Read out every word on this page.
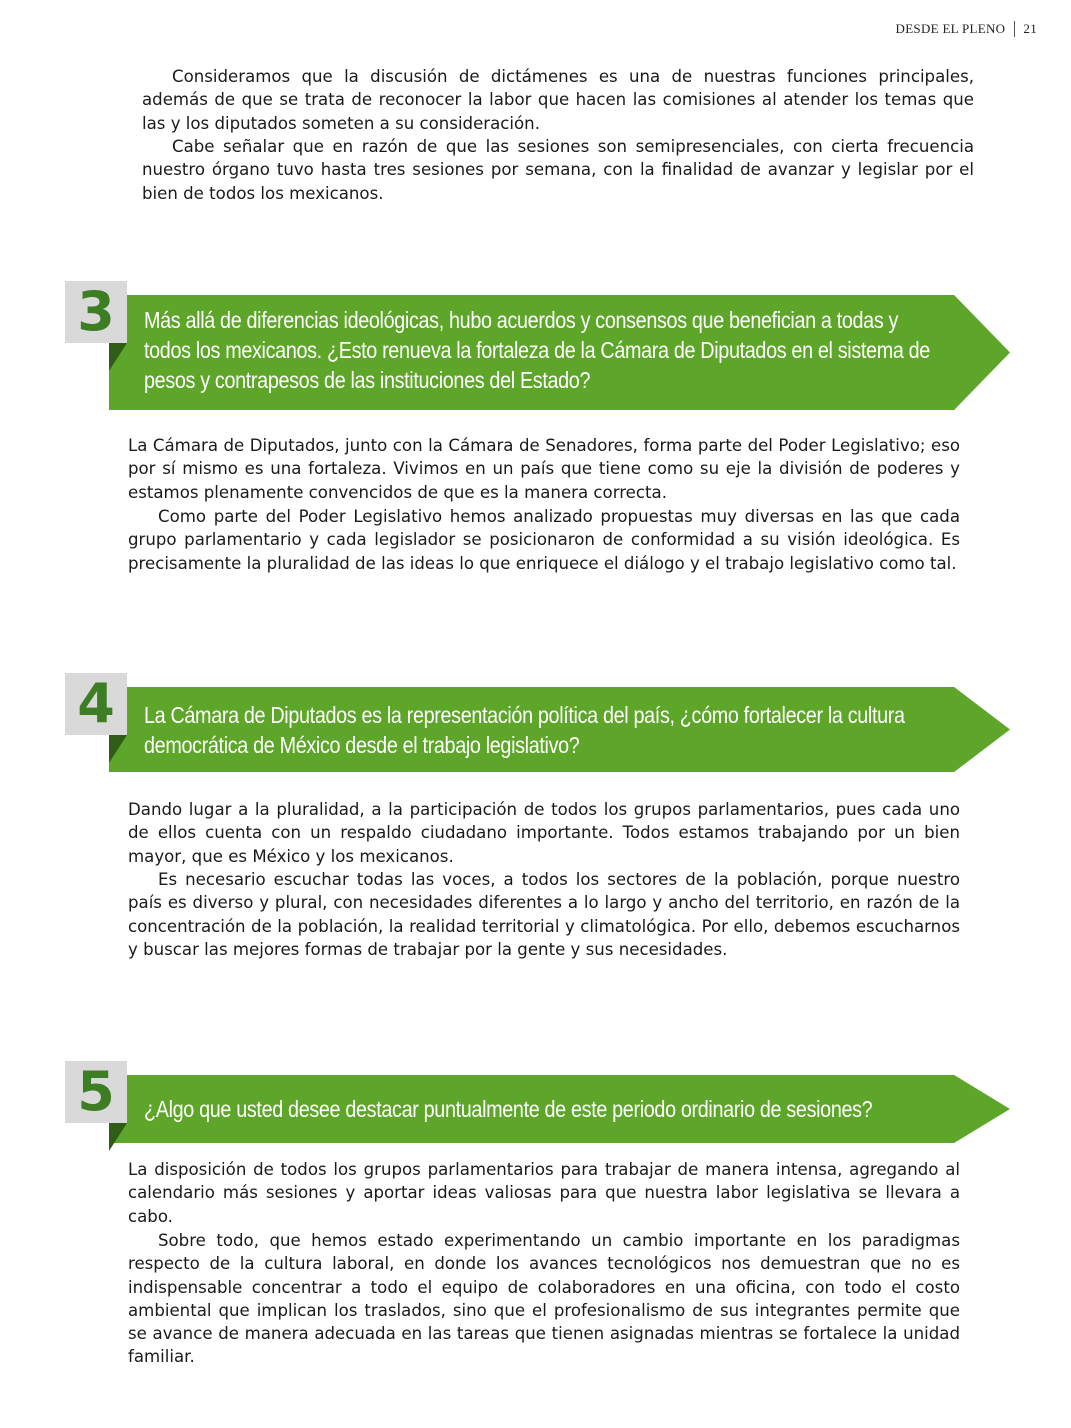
DESDE EL PLENO 21

Consideramos que la discusión de dictámenes es una de nuestras funciones principales, además de que se trata de reconocer la labor que hacen las comisiones al atender los temas que las y los diputados someten a su consideración.

Cabe señalar que en razón de que las sesiones son semipresenciales, con cierta frecuencia nuestro órgano tuvo hasta tres sesiones por semana, con la finalidad de avanzar y legislar por el bien de todos los mexicanos.

3	Más allá de diferencias ideológicas, hubo acuerdos y consensos que benefician a todas y
todos los mexicanos. ¿Esto renueva la fortaleza de la Cámara de Diputados en el sistema de
pesos y contrapesos de las instituciones del Estado?

La Cámara de Diputados, junto con la Cámara de Senadores, forma parte del Poder Legislativo; eso por sí mismo es una fortaleza. Vivimos en un país que tiene como su eje la división de poderes y estamos plenamente convencidos de que es la manera correcta.

Como parte del Poder Legislativo hemos analizado propuestas muy diversas en las que cada grupo parlamentario y cada legislador se posicionaron de conformidad a su visión ideológica. Es precisamente la pluralidad de las ideas lo que enriquece el diálogo y el trabajo legislativo como tal.

4	La Cámara de Diputados es la representación política del país, ¿cómo fortalecer la cultura
democrática de México desde el trabajo legislativo?

Dando lugar a la pluralidad, a la participación de todos los grupos parlamentarios, pues cada uno de ellos cuenta con un respaldo ciudadano importante. Todos estamos trabajando por un bien mayor, que es México y los mexicanos.

Es necesario escuchar todas las voces, a todos los sectores de la población, porque nuestro país es diverso y plural, con necesidades diferentes a lo largo y ancho del territorio, en razón de la concentración de la población, la realidad territorial y climatológica. Por ello, debemos escucharnos y buscar las mejores formas de trabajar por la gente y sus necesidades.

5	¿Algo que usted desee destacar puntualmente de este periodo ordinario de sesiones?

La disposición de todos los grupos parlamentarios para trabajar de manera intensa, agregando al calendario más sesiones y aportar ideas valiosas para que nuestra labor legislativa se llevara a cabo.

Sobre todo, que hemos estado experimentando un cambio importante en los paradigmas respecto de la cultura laboral, en donde los avances tecnológicos nos demuestran que no es indispensable concentrar a todo el equipo de colaboradores en una oficina, con todo el costo ambiental que implican los traslados, sino que el profesionalismo de sus integrantes permite que se avance de manera adecuada en las tareas que tienen asignadas mientras se fortalece la unidad familiar.
